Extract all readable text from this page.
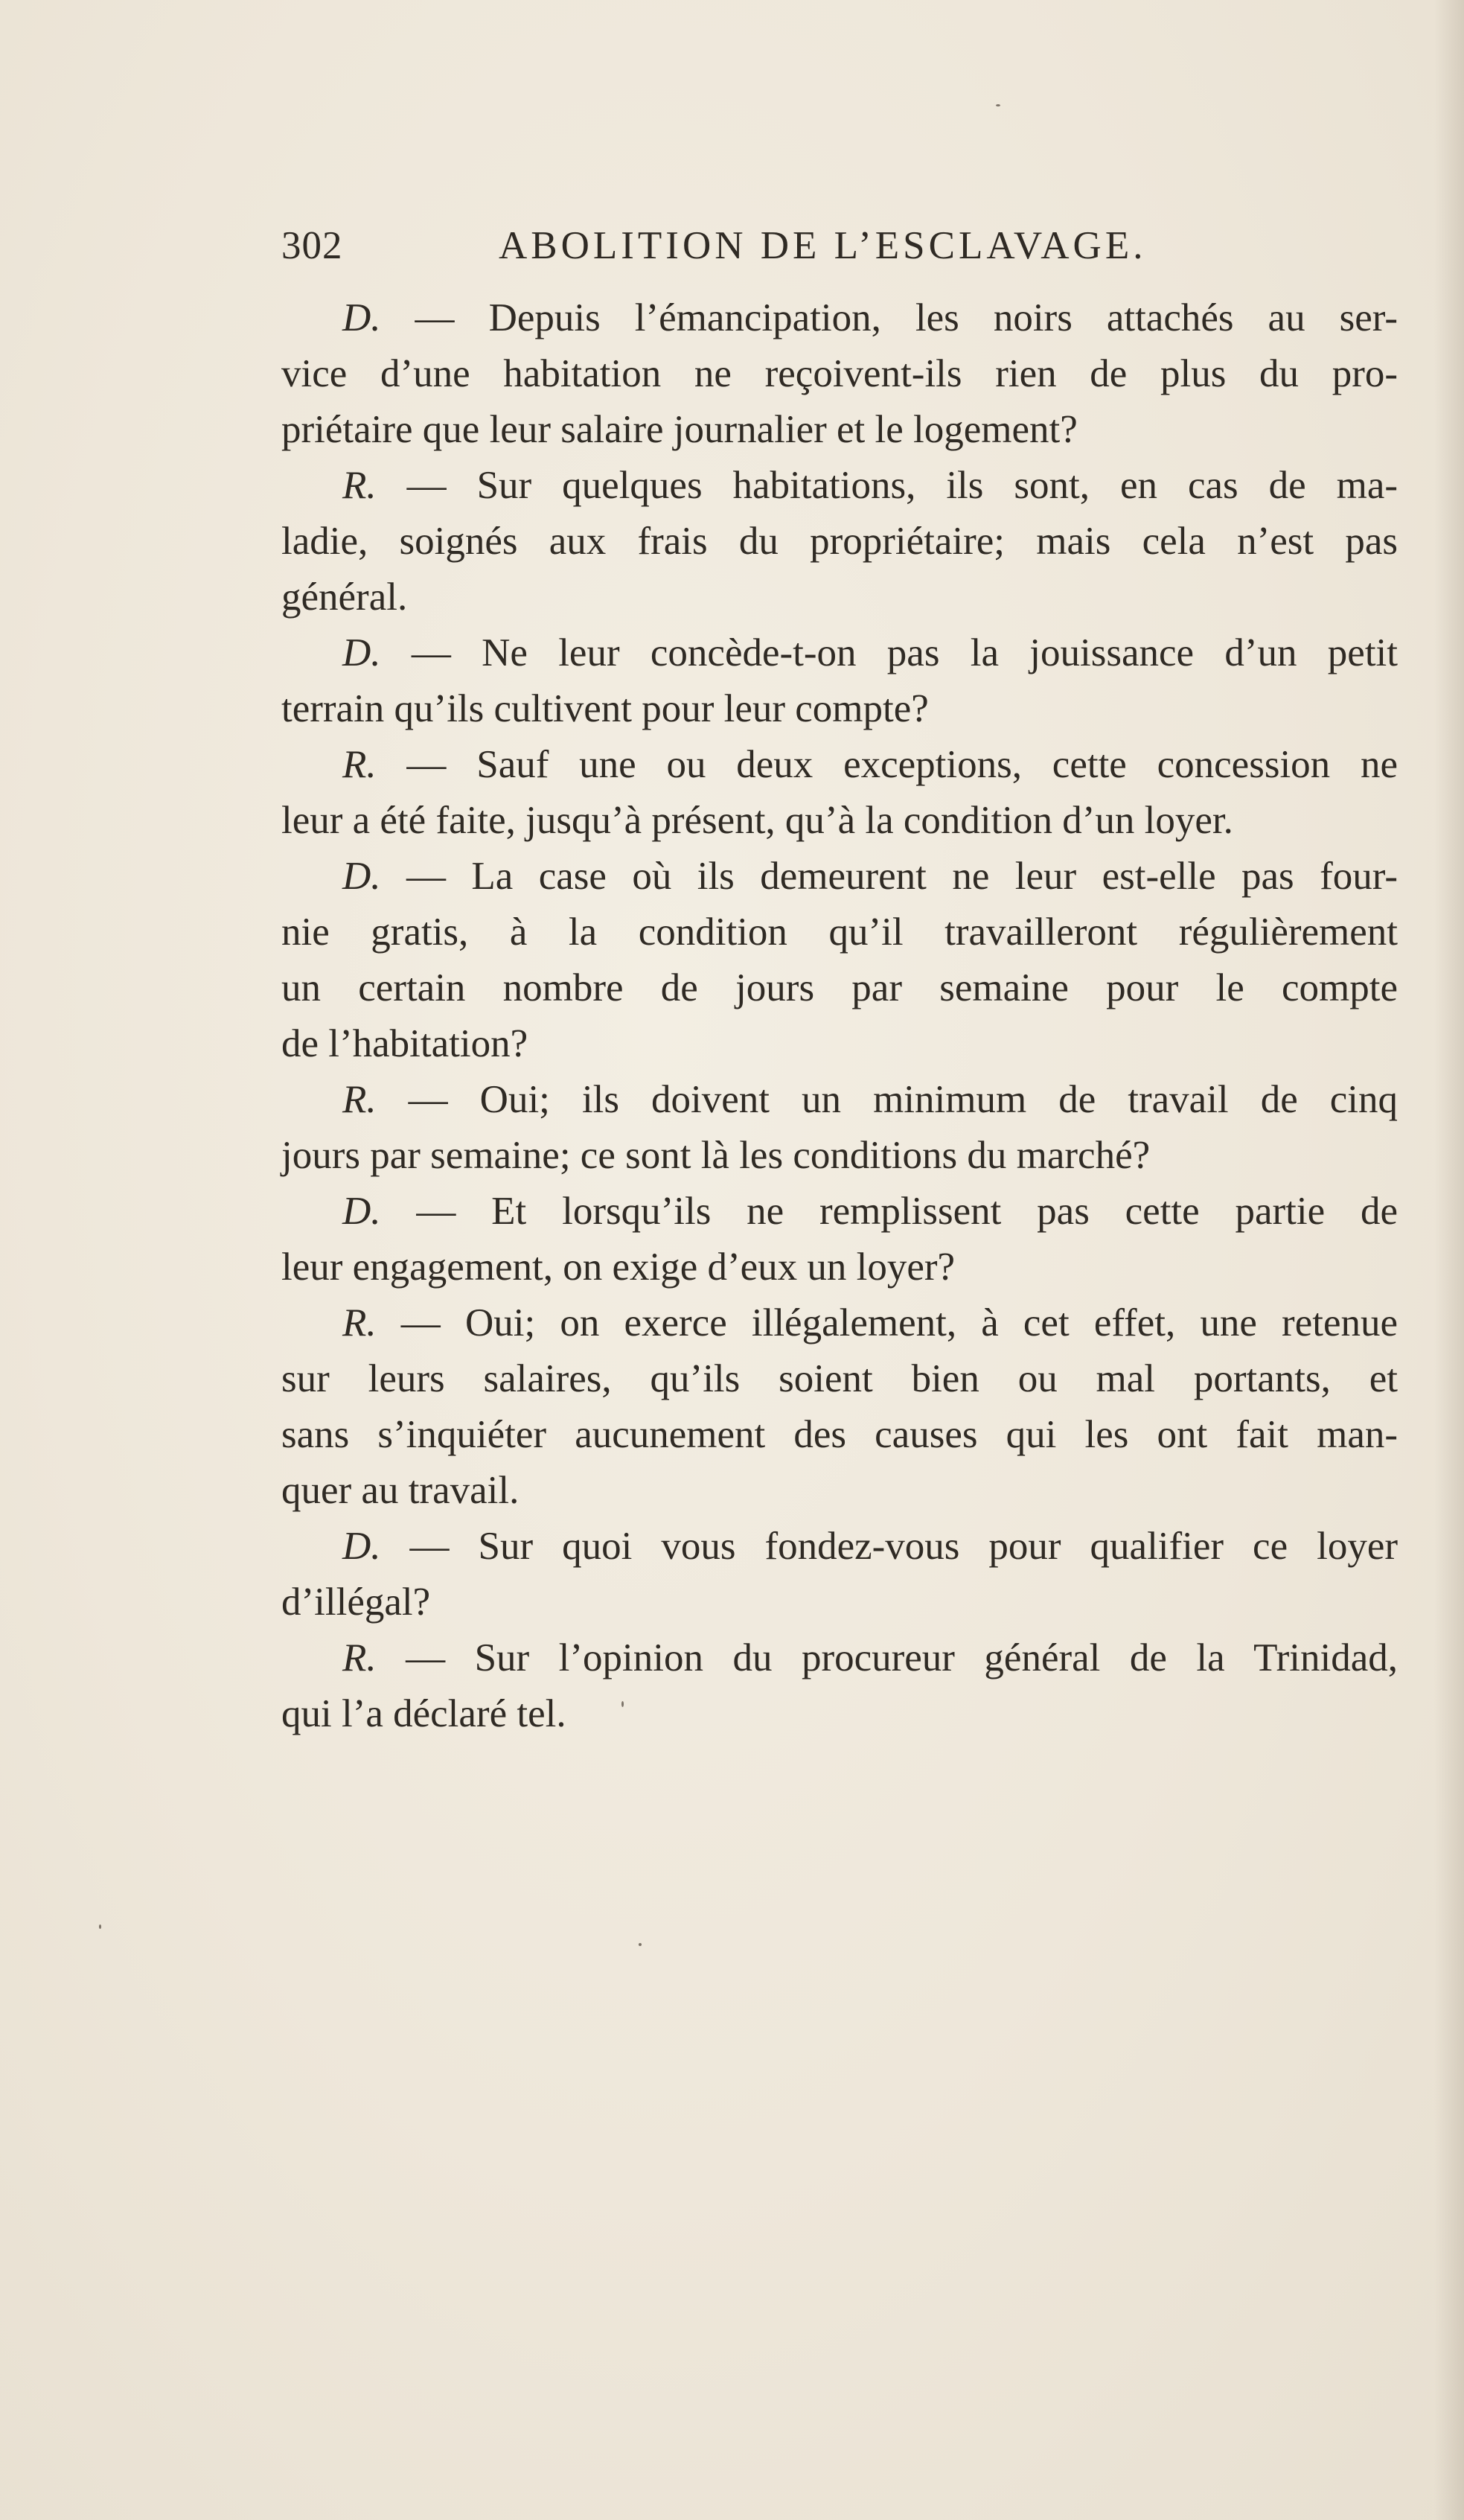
302	ABOLITION DE L’ESCLAVAGE.
D. — Depuis l’émancipation, les noirs attachés au ser-
vice d’une habitation ne reçoivent-ils rien de plus du pro-
priétaire que leur salaire journalier et le logement?
R. — Sur quelques habitations, ils sont, en cas de ma-
ladie, soignés aux frais du propriétaire; mais cela n’est pas
général.
D. — Ne leur concède-t-on pas la jouissance d’un petit
terrain qu’ils cultivent pour leur compte?
R. — Sauf une ou deux exceptions, cette concession ne
leur a été faite, jusqu’à présent, qu’à la condition d’un loyer.
D. — La case où ils demeurent ne leur est-elle pas four-
nie gratis, à la condition qu’il travailleront régulièrement
un certain nombre de jours par semaine pour le compte
de l’habitation?
R. — Oui; ils doivent un minimum de travail de cinq
jours par semaine; ce sont là les conditions du marché?
D. — Et lorsqu’ils ne remplissent pas cette partie de
leur engagement, on exige d’eux un loyer?
R. — Oui; on exerce illégalement, à cet effet, une retenue
sur leurs salaires, qu’ils soient bien ou mal portants, et
sans s’inquiéter aucunement des causes qui les ont fait man-
quer au travail.
D. — Sur quoi vous fondez-vous pour qualifier ce loyer
d’illégal?
R. — Sur l’opinion du procureur général de la Trinidad,
qui l’a déclaré tel.
